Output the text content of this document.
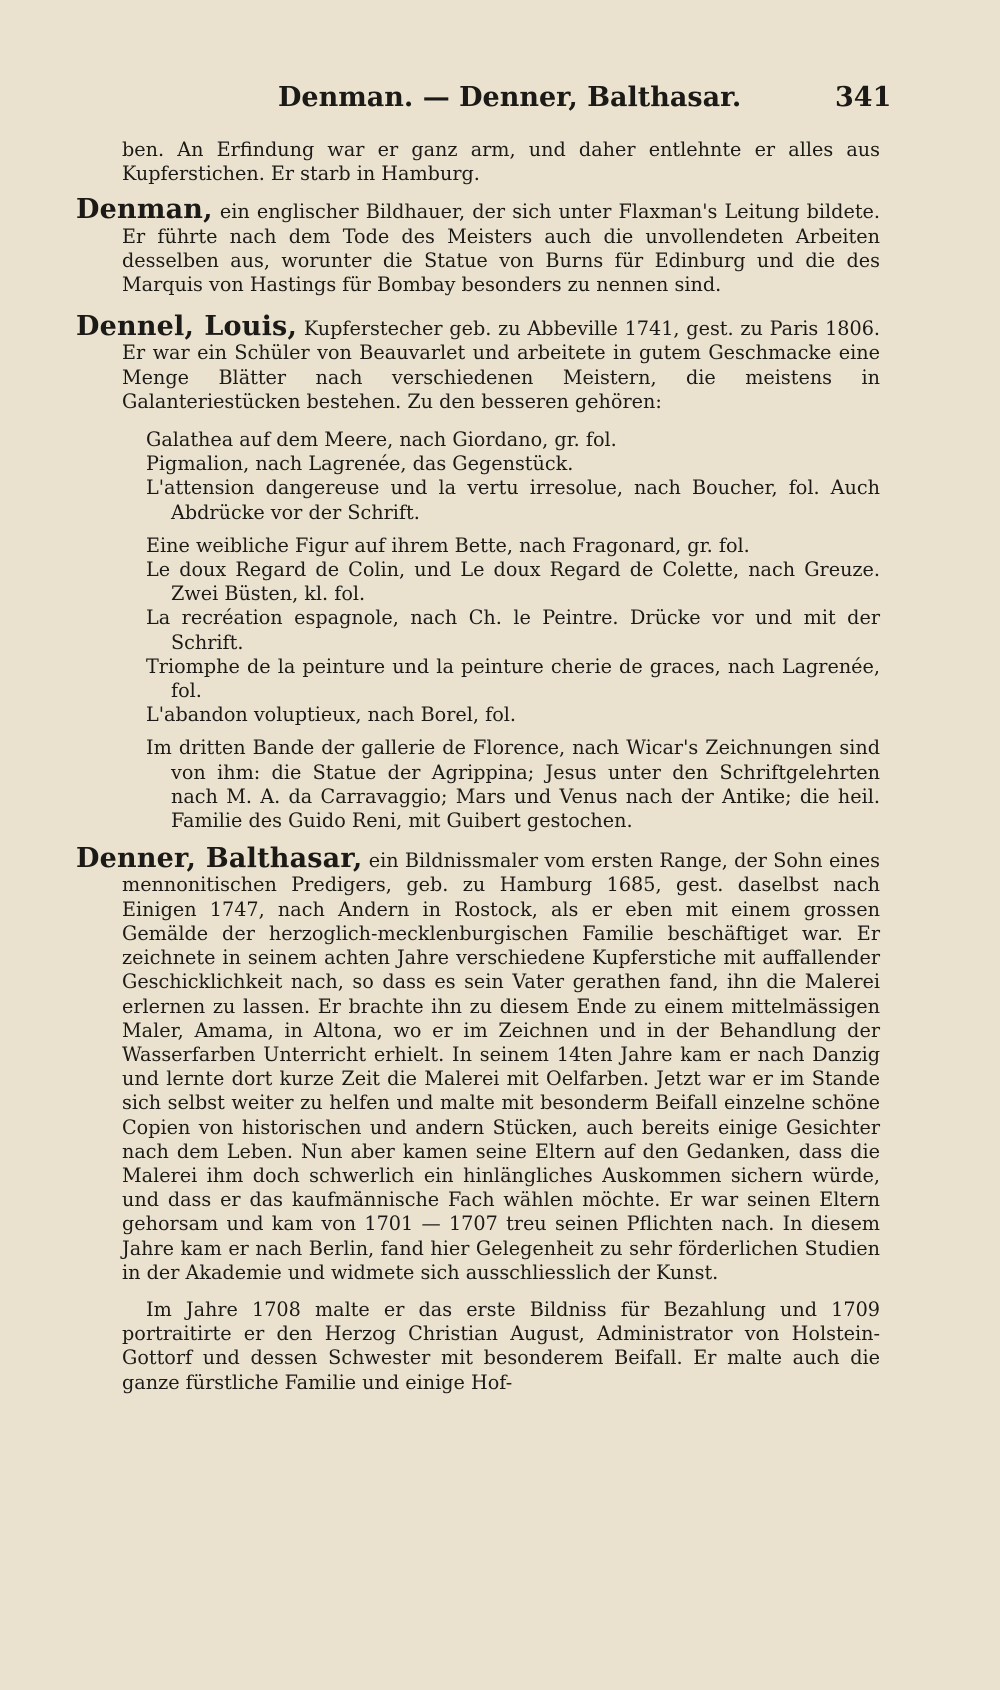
Denman. — Denner, Balthasar.	341

ben. An Erfindung war er ganz arm, und daher entlehnte er alles aus Kupferstichen. Er starb in Hamburg.

Denman, ein englischer Bildhauer, der sich unter Flaxman's Leitung bildete. Er führte nach dem Tode des Meisters auch die unvollendeten Arbeiten desselben aus, worunter die Statue von Burns für Edinburg und die des Marquis von Hastings für Bombay besonders zu nennen sind.

Dennel, Louis, Kupferstecher geb. zu Abbeville 1741, gest. zu Paris 1806. Er war ein Schüler von Beauvarlet und arbeitete in gutem Geschmacke eine Menge Blätter nach verschiedenen Meistern, die meistens in Galanteriestücken bestehen. Zu den besseren gehören:

Galathea auf dem Meere, nach Giordano, gr. fol.

Pigmalion, nach Lagrenée, das Gegenstück.

L'attension dangereuse und la vertu irresolue, nach Boucher, fol. Auch Abdrücke vor der Schrift.

Eine weibliche Figur auf ihrem Bette, nach Fragonard, gr. fol.

Le doux Regard de Colin, und Le doux Regard de Colette, nach Greuze. Zwei Büsten, kl. fol.

La recréation espagnole, nach Ch. le Peintre. Drücke vor und mit der Schrift.

Triomphe de la peinture und la peinture cherie de graces, nach Lagrenée, fol.

L'abandon voluptieux, nach Borel, fol.

Im dritten Bande der gallerie de Florence, nach Wicar's Zeichnungen sind von ihm: die Statue der Agrippina; Jesus unter den Schriftgelehrten nach M. A. da Carravaggio; Mars und Venus nach der Antike; die heil. Familie des Guido Reni, mit Guibert gestochen.

Denner, Balthasar, ein Bildnissmaler vom ersten Range, der Sohn eines mennonitischen Predigers, geb. zu Hamburg 1685, gest. daselbst nach Einigen 1747, nach Andern in Rostock, als er eben mit einem grossen Gemälde der herzoglich-mecklenburgischen Familie beschäftiget war. Er zeichnete in seinem achten Jahre verschiedene Kupferstiche mit auffallender Geschicklichkeit nach, so dass es sein Vater gerathen fand, ihn die Malerei erlernen zu lassen. Er brachte ihn zu diesem Ende zu einem mittelmässigen Maler, Amama, in Altona, wo er im Zeichnen und in der Behandlung der Wasserfarben Unterricht erhielt. In seinem 14ten Jahre kam er nach Danzig und lernte dort kurze Zeit die Malerei mit Oelfarben. Jetzt war er im Stande sich selbst weiter zu helfen und malte mit besonderm Beifall einzelne schöne Copien von historischen und andern Stücken, auch bereits einige Gesichter nach dem Leben. Nun aber kamen seine Eltern auf den Gedanken, dass die Malerei ihm doch schwerlich ein hinlängliches Auskommen sichern würde, und dass er das kaufmännische Fach wählen möchte. Er war seinen Eltern gehorsam und kam von 1701 — 1707 treu seinen Pflichten nach. In diesem Jahre kam er nach Berlin, fand hier Gelegenheit zu sehr förderlichen Studien in der Akademie und widmete sich ausschliesslich der Kunst.

Im Jahre 1708 malte er das erste Bildniss für Bezahlung und 1709 portraitirte er den Herzog Christian August, Administrator von Holstein-Gottorf und dessen Schwester mit besonderem Beifall. Er malte auch die ganze fürstliche Familie und einige Hof-
